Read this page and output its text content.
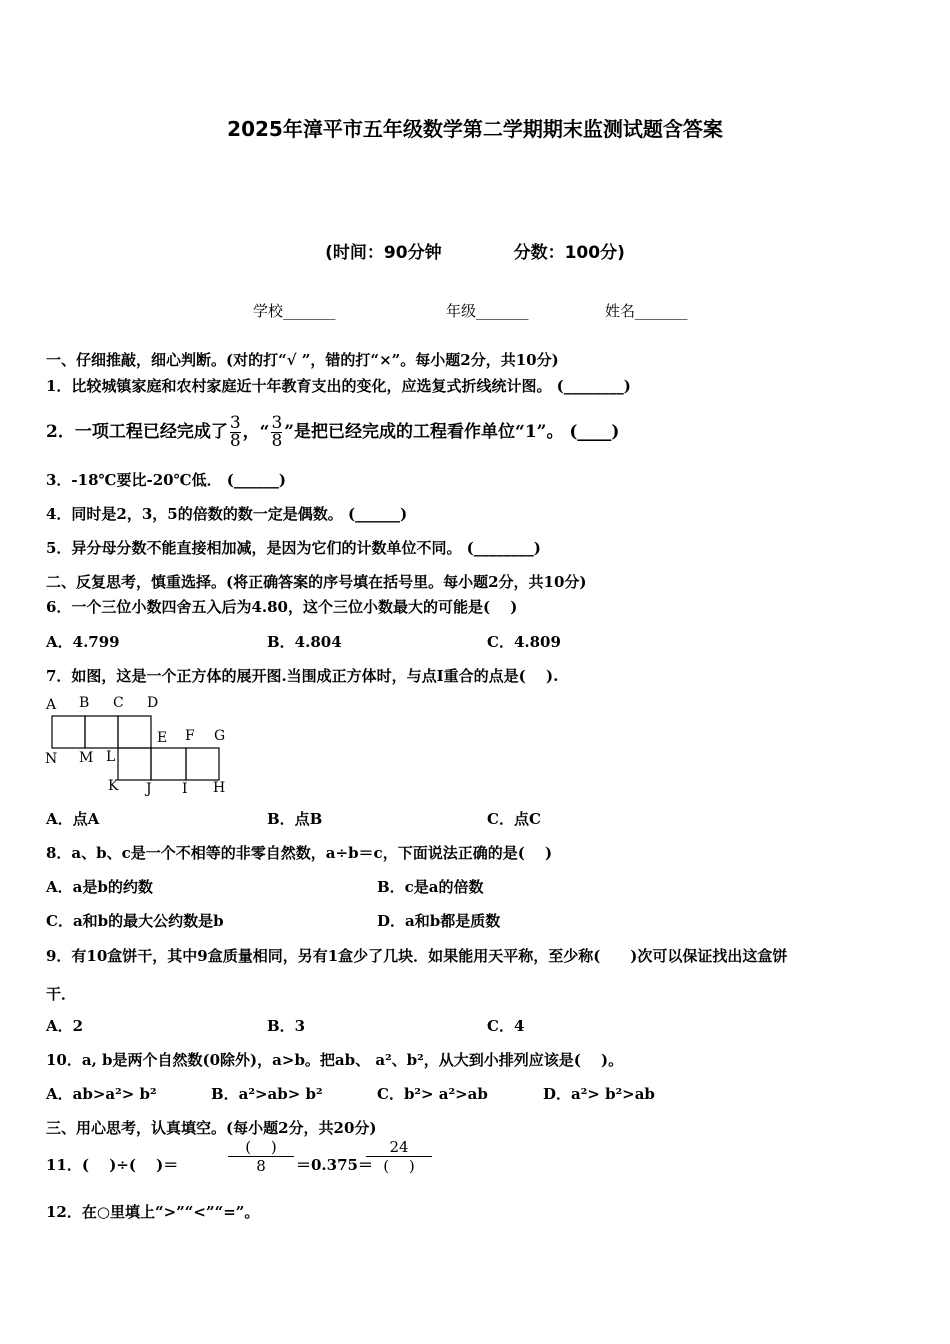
2025年漳平市五年级数学第二学期期末监测试题含答案
(时间：90分钟	分数：100分)
学校_______	年级_______	姓名_______
一、仔细推敲，细心判断。(对的打“√ ”，错的打“×”。每小题2分，共10分)
1．比较城镇家庭和农村家庭近十年教育支出的变化，应选复式折线统计图。 (________)
2．一项工程已经完成了 $\frac{3}{8}$ ，“ $\frac{3}{8}$ ”是把已经完成的工程看作单位“1”。 (____)
3．-18℃要比-20℃低． (______)
4．同时是2，3，5的倍数的数一定是偶数。 (______)
5．异分母分数不能直接相加减，是因为它们的计数单位不同。 (________)
二、反复思考，慎重选择。(将正确答案的序号填在括号里。每小题2分，共10分)
6．一个三位小数四舍五入后为4.80，这个三位小数最大的可能是(　 )
A．4.799	B．4.804	C．4.809
7．如图，这是一个正方体的展开图.当围成正方体时，与点I重合的点是(　 ).
A B C D
E F G
N M L
K J I H
A．点A	B．点B	C．点C
8．a、b、c是一个不相等的非零自然数，a÷b＝c，下面说法正确的是(　 )
A．a是b的约数	B．c是a的倍数
C．a和b的最大公约数是b	D．a和b都是质数
9．有10盒饼干，其中9盒质量相同，另有1盒少了几块．如果能用天平称，至少称(　　)次可以保证找出这盒饼
干．
A．2	B．3	C．4
10．a, b是两个自然数(0除外)，a>b。把ab、 a²、b²，从大到小排列应该是(　 )。
A．ab>a²> b²	B．a²>ab> b²	C．b²> a²>ab	D．a²> b²>ab
三、用心思考，认真填空。(每小题2分，共20分)
11．(　 )÷(　 )＝
(　 )
8	＝0.375＝
24
(　 )
12．在○里填上“>”“<”“=”。
